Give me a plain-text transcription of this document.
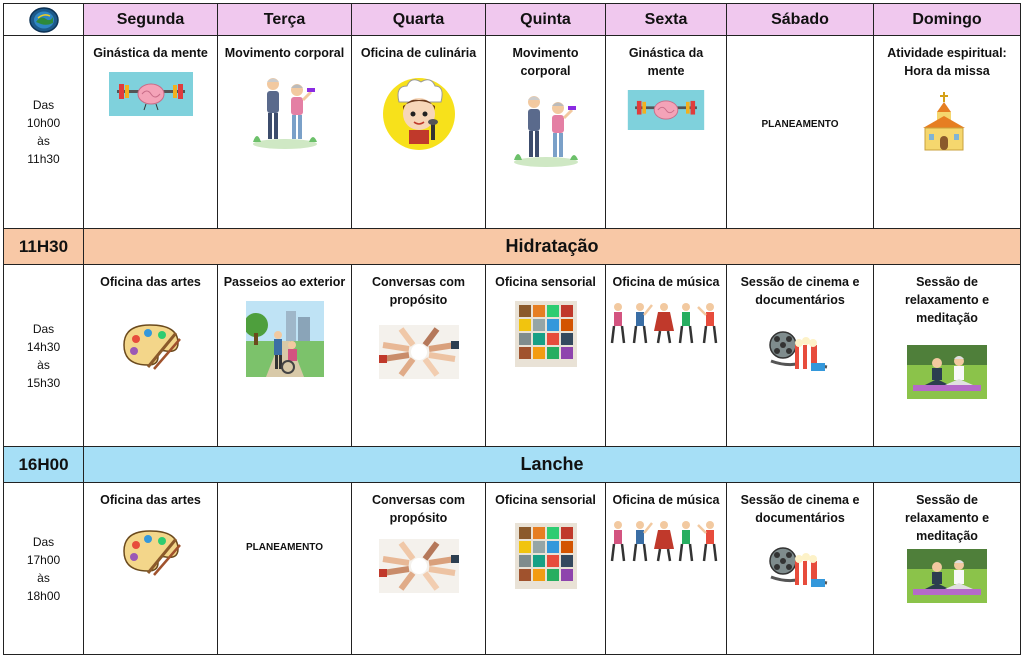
	Segunda	Terça	Quarta	Quinta	Sexta	Sábado	Domingo

Das
10h00
às
11h30	Ginástica da mente	Movimento corporal	Oficina de culinária	Movimento corporal	Ginástica da mente	PLANEAMENTO	Atividade espiritual: Hora da missa

11H30	Hidratação						

Das
14h30
às
15h30	Oficina das artes	Passeios ao exterior	Conversas com propósito	Oficina sensorial	Oficina de música	Sessão de cinema e documentários	Sessão de relaxamento e meditação

16H00	Lanche						

Das
17h00
às
18h00	Oficina das artes	PLANEAMENTO	Conversas com propósito	Oficina sensorial	Oficina de música	Sessão de cinema e documentários	Sessão de relaxamento e meditação
